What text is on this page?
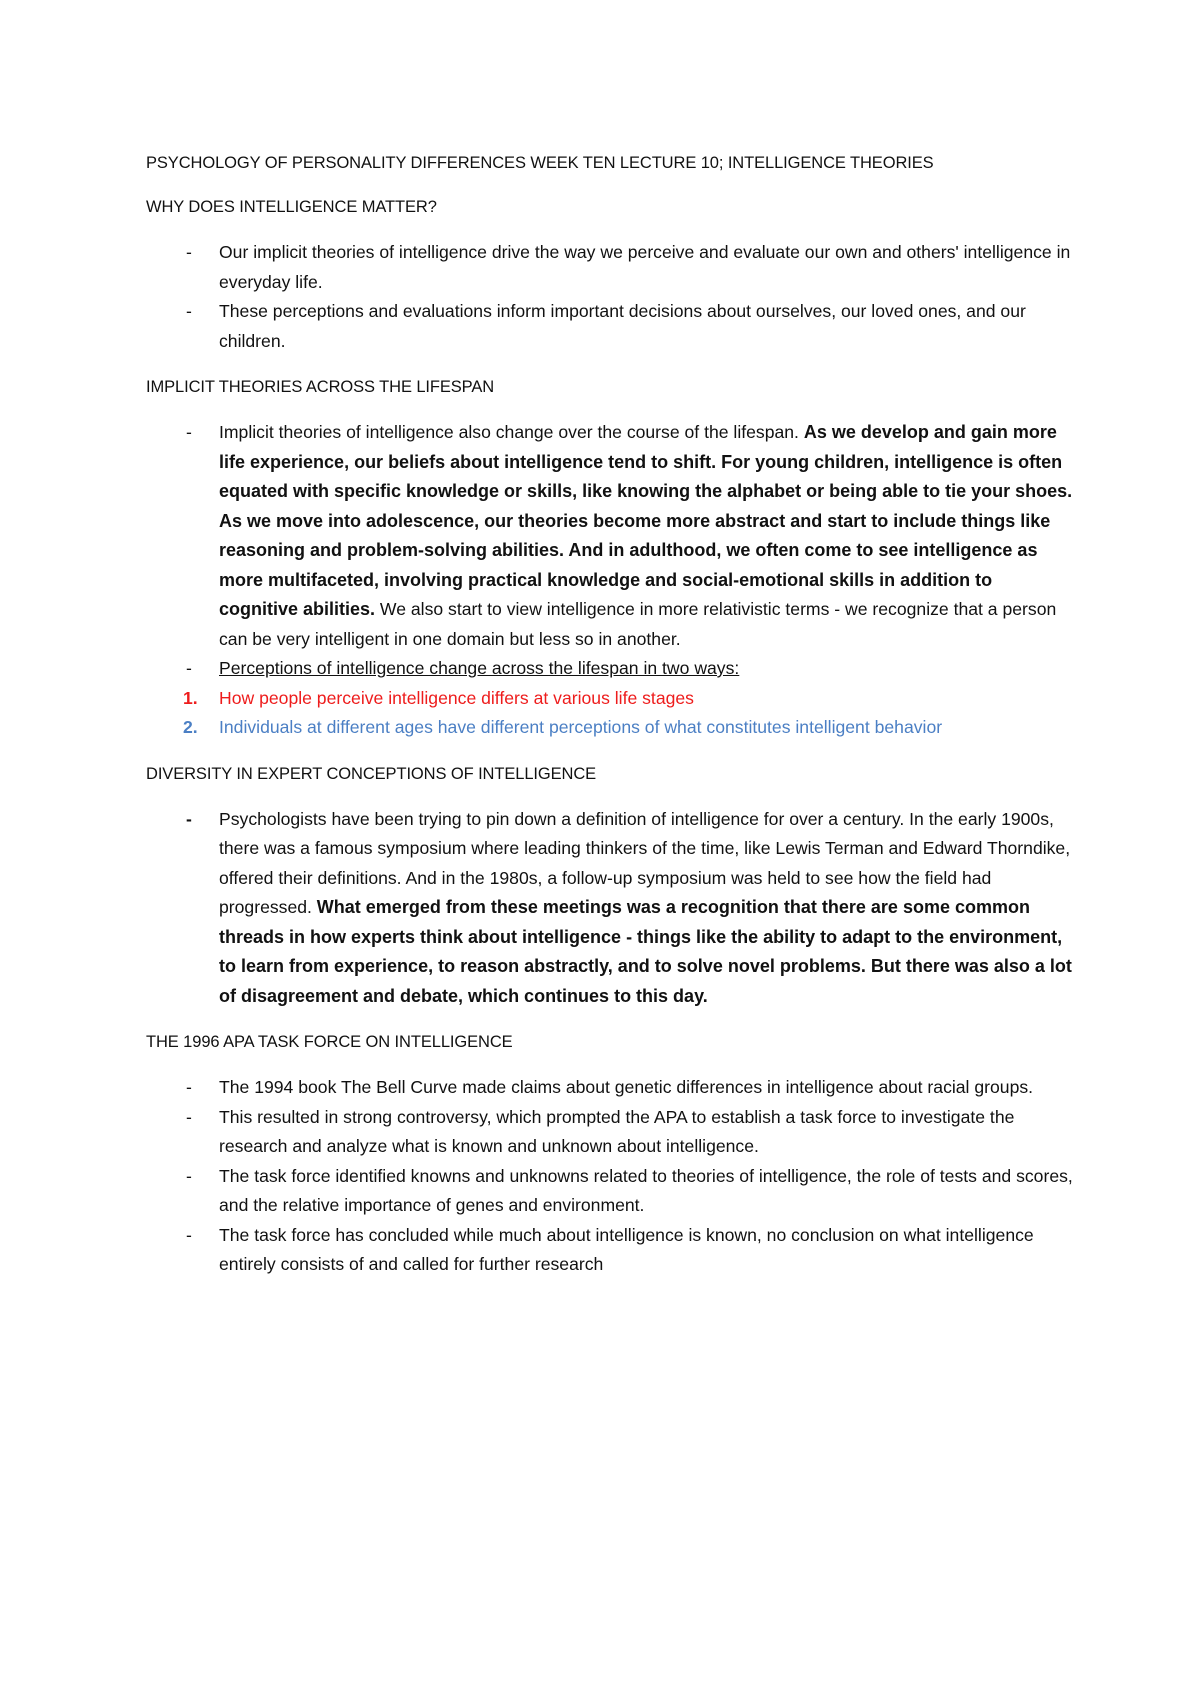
PSYCHOLOGY OF PERSONALITY DIFFERENCES WEEK TEN LECTURE 10; INTELLIGENCE THEORIES
WHY DOES INTELLIGENCE MATTER?
- Our implicit theories of intelligence drive the way we perceive and evaluate our own and others' intelligence in everyday life.
- These perceptions and evaluations inform important decisions about ourselves, our loved ones, and our children.
IMPLICIT THEORIES ACROSS THE LIFESPAN
- Implicit theories of intelligence also change over the course of the lifespan. As we develop and gain more life experience, our beliefs about intelligence tend to shift. For young children, intelligence is often equated with specific knowledge or skills, like knowing the alphabet or being able to tie your shoes. As we move into adolescence, our theories become more abstract and start to include things like reasoning and problem-solving abilities. And in adulthood, we often come to see intelligence as more multifaceted, involving practical knowledge and social-emotional skills in addition to cognitive abilities. We also start to view intelligence in more relativistic terms - we recognize that a person can be very intelligent in one domain but less so in another.
- Perceptions of intelligence change across the lifespan in two ways:
1. How people perceive intelligence differs at various life stages
2. Individuals at different ages have different perceptions of what constitutes intelligent behavior
DIVERSITY IN EXPERT CONCEPTIONS OF INTELLIGENCE
- Psychologists have been trying to pin down a definition of intelligence for over a century. In the early 1900s, there was a famous symposium where leading thinkers of the time, like Lewis Terman and Edward Thorndike, offered their definitions. And in the 1980s, a follow-up symposium was held to see how the field had progressed. What emerged from these meetings was a recognition that there are some common threads in how experts think about intelligence - things like the ability to adapt to the environment, to learn from experience, to reason abstractly, and to solve novel problems. But there was also a lot of disagreement and debate, which continues to this day.
THE 1996 APA TASK FORCE ON INTELLIGENCE
- The 1994 book The Bell Curve made claims about genetic differences in intelligence about racial groups.
- This resulted in strong controversy, which prompted the APA to establish a task force to investigate the research and analyze what is known and unknown about intelligence.
- The task force identified knowns and unknowns related to theories of intelligence, the role of tests and scores, and the relative importance of genes and environment.
- The task force has concluded while much about intelligence is known, no conclusion on what intelligence entirely consists of and called for further research
